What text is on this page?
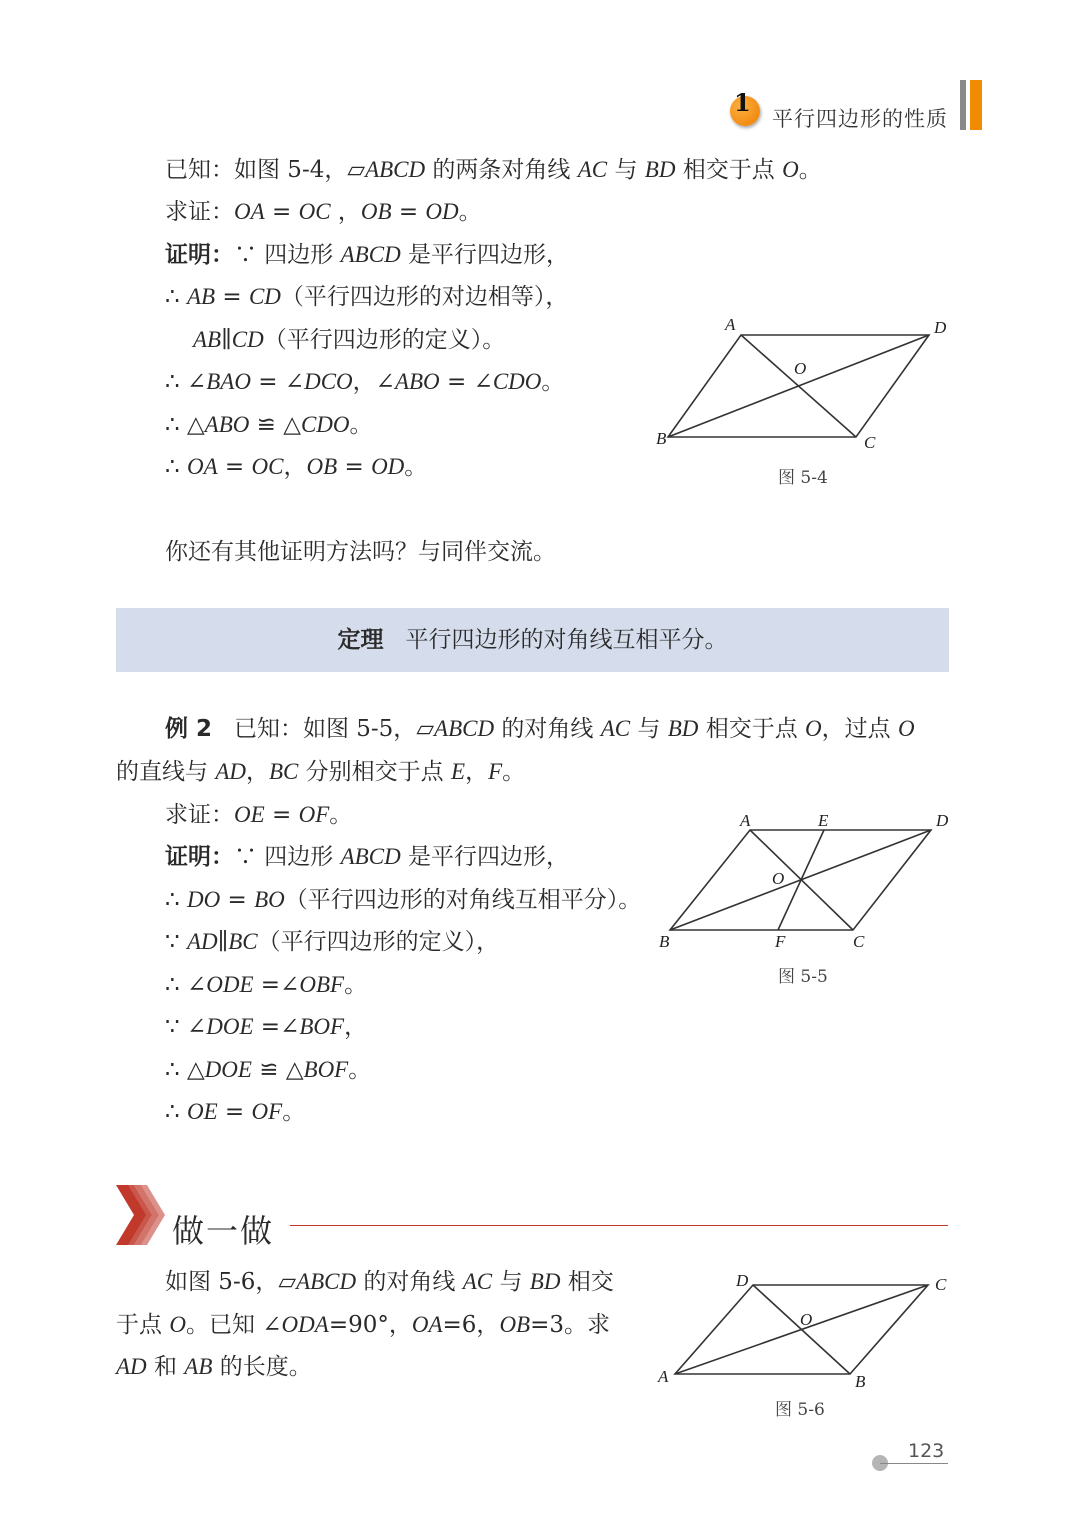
1
平行四边形的性质
已知：如图 5-4，▱ABCD 的两条对角线 AC 与 BD 相交于点 O。
求证：OA = OC ，OB = OD。
证明：∵ 四边形 ABCD 是平行四边形，
∴ AB = CD（平行四边形的对边相等），
AB∥CD（平行四边形的定义）。
∴ ∠BAO = ∠DCO，∠ABO = ∠CDO。
∴ △ABO ≌ △CDO。
∴ OA = OC，OB = OD。
你还有其他证明方法吗？与同伴交流。
A	D
O
B	C
图 5-4
定理 平行四边形的对角线互相平分。
例 2 已知：如图 5-5，▱ABCD 的对角线 AC 与 BD 相交于点 O，过点 O
的直线与 AD，BC 分别相交于点 E，F。
求证：OE = OF。
证明：∵ 四边形 ABCD 是平行四边形，
∴ DO = BO（平行四边形的对角线互相平分）。
∵ AD∥BC（平行四边形的定义），
∴ ∠ODE =∠OBF。
∵ ∠DOE =∠BOF，
∴ △DOE ≌ △BOF。
∴ OE = OF。
A	E	D
O
B	F	C
图 5-5
做一做
如图 5-6，▱ABCD 的对角线 AC 与 BD 相交
于点 O。已知 ∠ODA=90°，OA=6，OB=3。求
AD 和 AB 的长度。
D	C
O
A	B
图 5-6
123
